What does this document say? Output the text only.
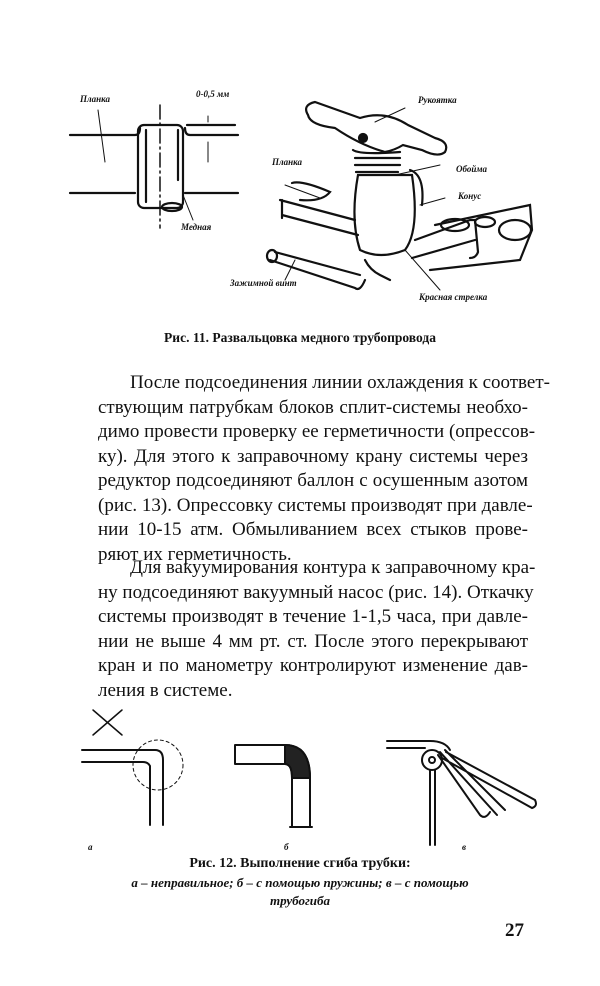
Планка	0-0,5 мм
Медная
Рукоятка
Планка
Обойма
Конус
Зажимной винт
Красная стрелка
Рис. 11. Развальцовка медного трубопровода
После подсоединения линии охлаждения к соответ-
ствующим патрубкам блоков сплит-системы необхо-
димо провести проверку ее герметичности (опрессов-
ку). Для этого к заправочному крану системы через
редуктор подсоединяют баллон с осушенным азотом
(рис. 13). Опрессовку системы производят при давле-
нии 10-15 атм. Обмыливанием всех стыков прове-
ряют их герметичность.
Для вакуумирования контура к заправочному кра-
ну подсоединяют вакуумный насос (рис. 14). Откачку
системы производят в течение 1-1,5 часа, при давле-
нии не выше 4 мм рт. ст. После этого перекрывают
кран и по манометру контролируют изменение дав-
ления в системе.
а	б	в
Рис. 12. Выполнение сгиба трубки:
а – неправильное; б – с помощью пружины; в – с помощью
трубогиба
27
